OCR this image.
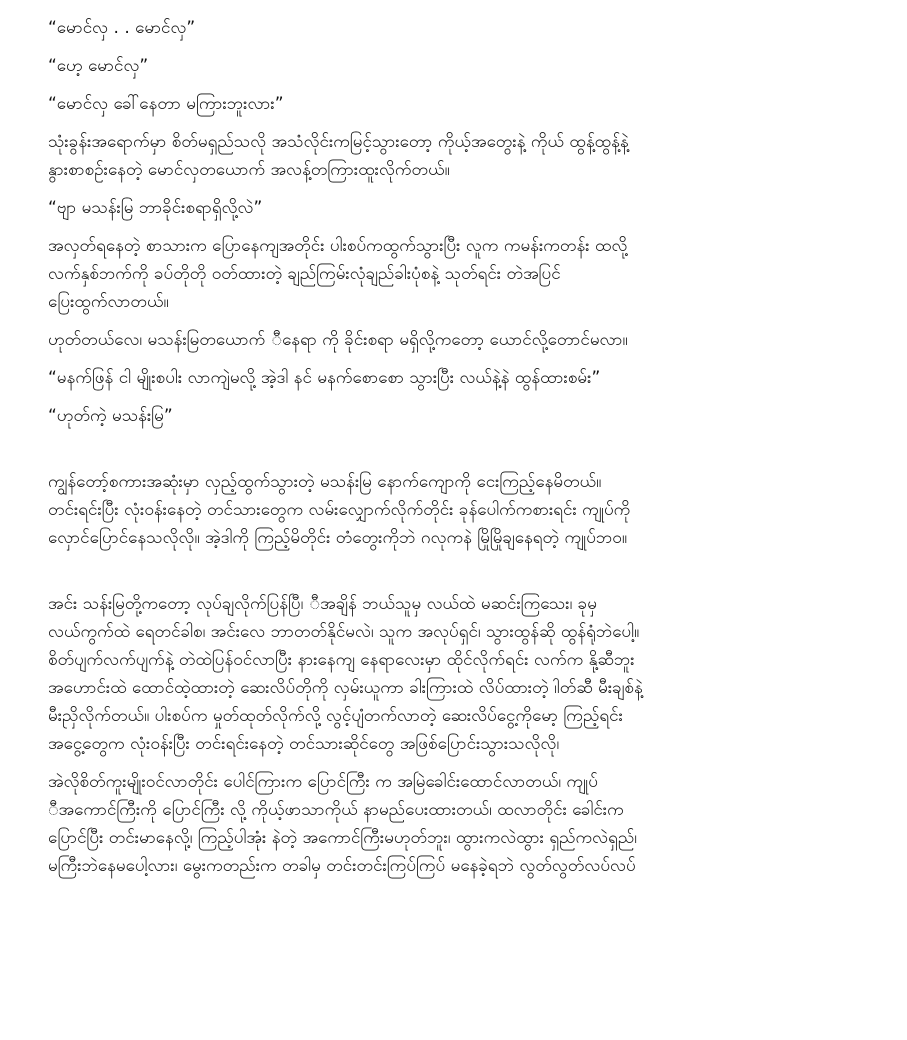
“မောင်လှ . . မောင်လှ”
“ဟေ့ မောင်လှ”
“မောင်လှ ခေါ်နေတာ မကြားဘူးလား”
သုံးခွန်းအရောက်မှာ စိတ်မရှည်သလို အသံလိုင်းကမြင့်သွားတော့ ကိုယ့်အတွေးနဲ့ ကိုယ် ထွန့်ထွန့်နဲ့
နွားစာစဉ်းနေတဲ့ မောင်လှတယောက် အလန့်တကြားထူးလိုက်တယ်။
“ဗျာ မသန်းမြ ဘာခိုင်းစရာရှိလို့လဲ”
အလှတ်ရနေတဲ့ စာသားက ပြောနေကျအတိုင်း ပါးစပ်ကထွက်သွားပြီး လူက ကမန်းကတန်း ထလို့
လက်နှစ်ဘက်ကို ခပ်တိုတို ဝတ်ထားတဲ့ ချည်ကြမ်းလုံချည်ခါးပုံစနဲ့ သုတ်ရင်း တဲအပြင်
ပြေးထွက်လာတယ်။
ဟုတ်တယ်လေ၊ မသန်းမြတယောက် ီနေရာ ကို ခိုင်းစရာ မရှိလို့ကတော့ ယောင်လို့တောင်မလာ။
“မနက်ဖြန် ငါ မျိုးစပါး လာကျဲမလို့ အဲ့ဒါ နင် မနက်စောစော သွားပြီး လယ်နဲ့နဲ ထွန်ထားစမ်း”
“ဟုတ်ကဲ့ မသန်းမြ”
ကျွန်တော့်စကားအဆုံးမှာ လှည့်ထွက်သွားတဲ့ မသန်းမြ နောက်ကျောကို ငေးကြည့်နေမိတယ်။
တင်းရင်းပြီး လုံးဝန်းနေတဲ့ တင်သားတွေက လမ်းလျှောက်လိုက်တိုင်း ခုန်ပေါက်ကစားရင်း ကျုပ်ကို
လှောင်ပြောင်နေသလိုလို။ အဲ့ဒါကို ကြည့်မိတိုင်း တံတွေးကိုဘဲ ဂလုကနဲ မြိုမြိုချနေရတဲ့ ကျုပ်ဘဝ။
အင်း သန်းမြတို့ကတော့ လုပ်ချလိုက်ပြန်ပြီ၊ ီအချိန် ဘယ်သူမှ လယ်ထဲ မဆင်းကြသေး၊ ခုမှ
လယ်ကွက်ထဲ ရေတင်ခါစ၊ အင်းလေ ဘာတတ်နိုင်မလဲ၊ သူက အလုပ်ရှင်၊ သွားထွန်ဆို ထွန်ရုံဘဲပေါ့။
စိတ်ပျက်လက်ပျက်နဲ့ တဲထဲပြန်ဝင်လာပြီး နားနေကျ နေရာလေးမှာ ထိုင်လိုက်ရင်း လက်က နို့ဆီဘူး
အဟောင်းထဲ ထောင်ထဲ့ထားတဲ့ ဆေးလိပ်တိုကို လှမ်းယူကာ ခါးကြားထဲ လိပ်ထားတဲ့ ၊ါတ်ဆီ မီးချစ်နဲ့
မီးညှိလိုက်တယ်။ ပါးစပ်က မှုတ်ထုတ်လိုက်လို့ လွင့်ပျံတက်လာတဲ့ ဆေးလိပ်ငွေ့ကိုမော့ ကြည့်ရင်း
အငွေ့တွေက လုံးဝန်းပြီး တင်းရင်းနေတဲ့ တင်သားဆိုင်တွေ အဖြစ်ပြောင်းသွားသလိုလို၊
အဲလိုစိတ်ကူးမျိုးဝင်လာတိုင်း ပေါင်ကြားက ပြောင်ကြီး က အမြဲခေါင်းထောင်လာတယ်၊ ကျုပ်
ီအကောင်ကြီးကို ပြောင်ကြီး လို့ ကိုယ့်ဖာသာကိုယ် နာမည်ပေးထားတယ်၊ ထလာတိုင်း ခေါင်းက
ပြောင်ပြီး တင်းမာနေလို့၊ ကြည့်ပါအုံး နဲတဲ့ အကောင်ကြီးမဟုတ်ဘူး၊ ထွားကလဲထွား ရှည်ကလဲရှည်၊
မကြီးဘဲနေမပေါ့လား၊ မွေးကတည်းက တခါမှ တင်းတင်းကြပ်ကြပ် မနေခဲ့ရဘဲ လွတ်လွတ်လပ်လပ်
